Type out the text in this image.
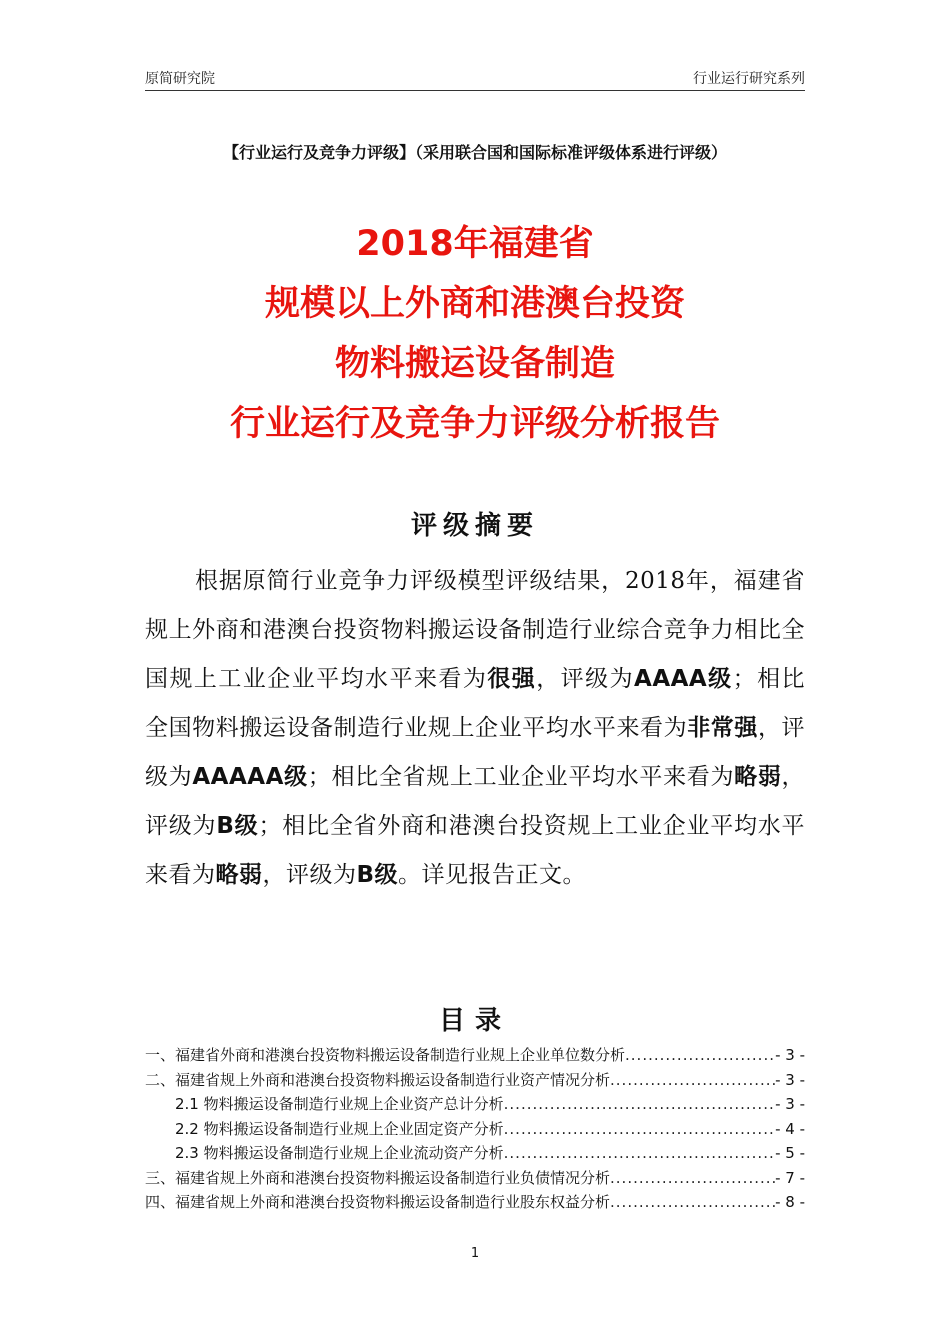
原简研究院	行业运行研究系列
【行业运行及竞争力评级】（采用联合国和国际标准评级体系进行评级）
2018年福建省
规模以上外商和港澳台投资
物料搬运设备制造
行业运行及竞争力评级分析报告
评级摘要
根据原简行业竞争力评级模型评级结果，2018年，福建省规上外商和港澳台投资物料搬运设备制造行业综合竞争力相比全国规上工业企业平均水平来看为很强，评级为AAAA级；相比全国物料搬运设备制造行业规上企业平均水平来看为非常强，评级为AAAAA级；相比全省规上工业企业平均水平来看为略弱，评级为B级；相比全省外商和港澳台投资规上工业企业平均水平来看为略弱，评级为B级。详见报告正文。
目录
一、福建省外商和港澳台投资物料搬运设备制造行业规上企业单位数分析 .....	- 3 -
二、福建省规上外商和港澳台投资物料搬运设备制造行业资产情况分析 .....	- 3 -
2.1 物料搬运设备制造行业规上企业资产总计分析 .....	- 3 -
2.2 物料搬运设备制造行业规上企业固定资产分析 .....	- 4 -
2.3 物料搬运设备制造行业规上企业流动资产分析 .....	- 5 -
三、福建省规上外商和港澳台投资物料搬运设备制造行业负债情况分析 .....	- 7 -
四、福建省规上外商和港澳台投资物料搬运设备制造行业股东权益分析 .....	- 8 -
1
